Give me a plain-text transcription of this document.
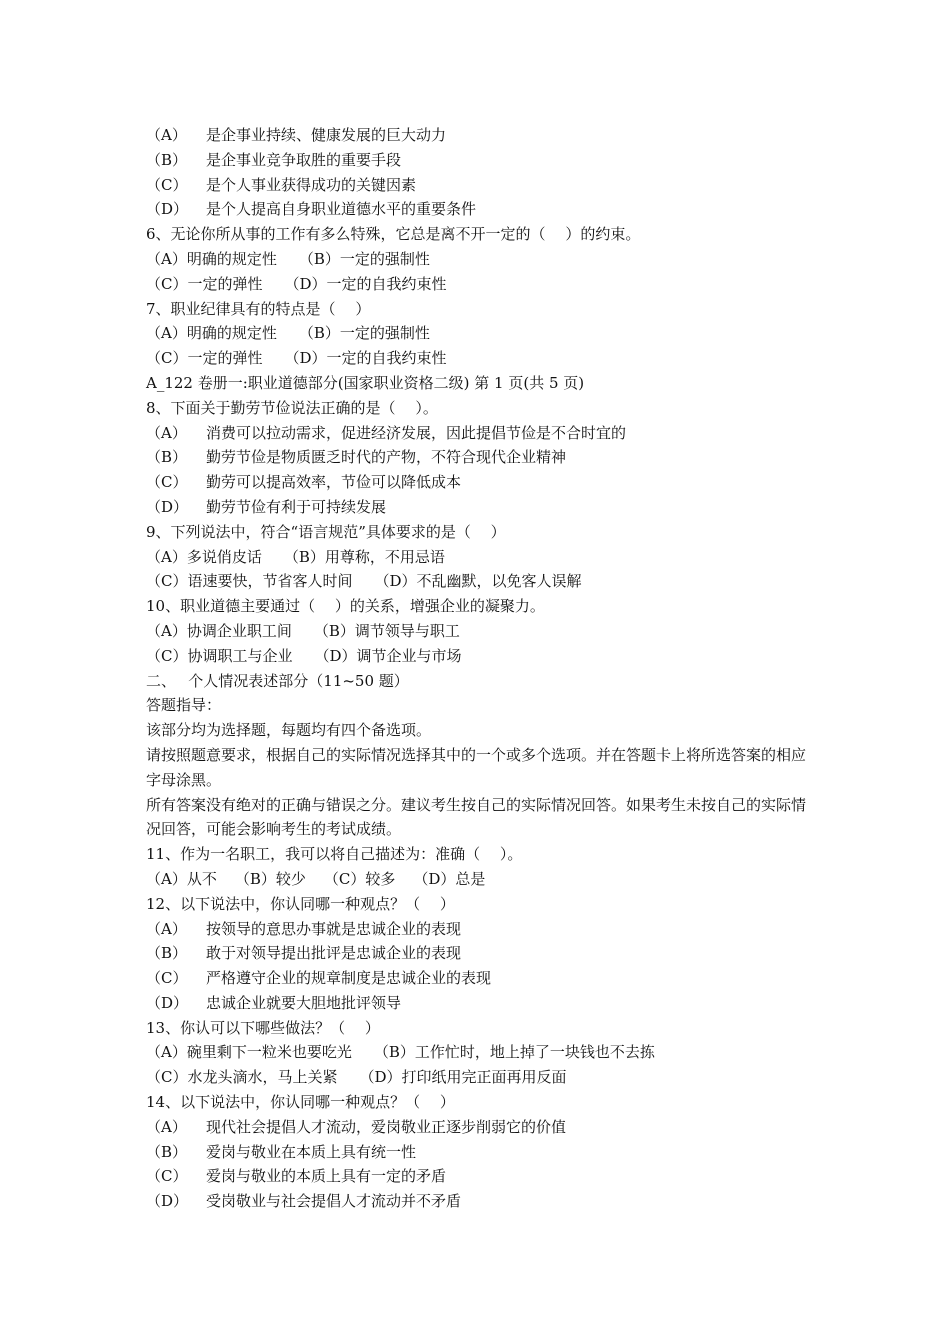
（A） 是企事业持续、健康发展的巨大动力
（B） 是企事业竞争取胜的重要手段
（C） 是个人事业获得成功的关键因素
（D） 是个人提高自身职业道德水平的重要条件
6、无论你所从事的工作有多么特殊，它总是离不开一定的（　 ）的约束。
（A）明确的规定性 （B）一定的强制性
（C）一定的弹性 （D）一定的自我约束性
7、职业纪律具有的特点是（　 ）
（A）明确的规定性 （B）一定的强制性
（C）一定的弹性 （D）一定的自我约束性
A_122 卷册一:职业道德部分(国家职业资格二级) 第 1 页(共 5 页)
8、下面关于勤劳节俭说法正确的是（　 ）。
（A） 消费可以拉动需求，促进经济发展，因此提倡节俭是不合时宜的
（B） 勤劳节俭是物质匮乏时代的产物，不符合现代企业精神
（C） 勤劳可以提高效率，节俭可以降低成本
（D） 勤劳节俭有利于可持续发展
9、下列说法中，符合“语言规范”具体要求的是（　 ）
（A）多说俏皮话 （B）用尊称，不用忌语
（C）语速要快，节省客人时间 （D）不乱幽默，以免客人误解
10、职业道德主要通过（　 ）的关系，增强企业的凝聚力。
（A）协调企业职工间 （B）调节领导与职工
（C）协调职工与企业 （D）调节企业与市场
二、　 个人情况表述部分（11~50 题）
答题指导：
该部分均为选择题，每题均有四个备选项。
请按照题意要求，根据自己的实际情况选择其中的一个或多个选项。并在答题卡上将所选答案的相应字母涂黑。
所有答案没有绝对的正确与错误之分。建议考生按自己的实际情况回答。如果考生未按自己的实际情况回答，可能会影响考生的考试成绩。
11、作为一名职工，我可以将自己描述为：准确（　 ）。
（A）从不 （B）较少 （C）较多 （D）总是
12、以下说法中，你认同哪一种观点？（　 ）
（A） 按领导的意思办事就是忠诚企业的表现
（B） 敢于对领导提出批评是忠诚企业的表现
（C） 严格遵守企业的规章制度是忠诚企业的表现
（D） 忠诚企业就要大胆地批评领导
13、你认可以下哪些做法？（　 ）
（A）碗里剩下一粒米也要吃光 （B）工作忙时，地上掉了一块钱也不去拣
（C）水龙头滴水，马上关紧 （D）打印纸用完正面再用反面
14、以下说法中，你认同哪一种观点？（　 ）
（A） 现代社会提倡人才流动，爱岗敬业正逐步削弱它的价值
（B） 爱岗与敬业在本质上具有统一性
（C） 爱岗与敬业的本质上具有一定的矛盾
（D） 受岗敬业与社会提倡人才流动并不矛盾
